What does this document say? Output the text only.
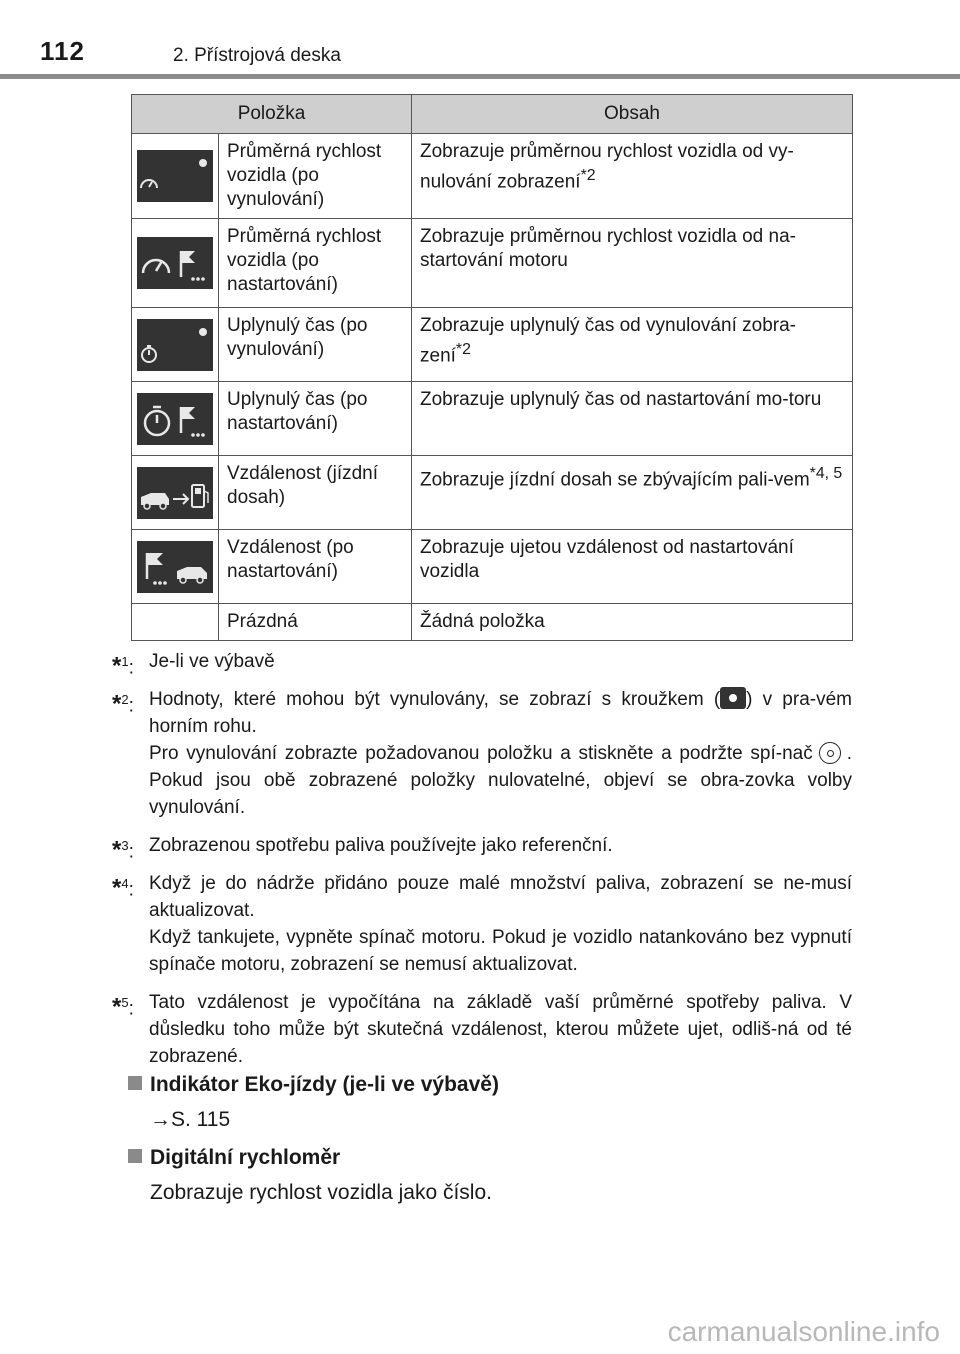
112	2. Přístrojová deska
Položka		Obsah

	Průměrná rychlost vozidla (po vynulování)	Zobrazuje průměrnou rychlost vozidla od vy-nulování zobrazení$^{*2}$

	Průměrná rychlost vozidla (po nastartování)	Zobrazuje průměrnou rychlost vozidla od na-startování motoru

	Uplynulý čas (po vynulování)	Zobrazuje uplynulý čas od vynulování zobra-zení$^{*2}$

	Uplynulý čas (po nastartování)	Zobrazuje uplynulý čas od nastartování mo-toru

	Vzdálenost (jízdní dosah)	Zobrazuje jízdní dosah se zbývajícím pali-vem$^{*4, 5}$

	Vzdálenost (po nastartování)	Zobrazuje ujetou vzdálenost od nastartování vozidla
	Prázdná	Žádná položka
*$^1$: Je-li ve výbavě
*$^2$: Hodnoty, které mohou být vynulovány, se zobrazí s kroužkem ( ) v pra-vém horním rohu.
Pro vynulování zobrazte požadovanou položku a stiskněte a podržte spí-nač . Pokud jsou obě zobrazené položky nulovatelné, objeví se obra-zovka volby vynulování.
*$^3$: Zobrazenou spotřebu paliva používejte jako referenční.
*$^4$: Když je do nádrže přidáno pouze malé množství paliva, zobrazení se ne-musí aktualizovat.
Když tankujete, vypněte spínač motoru. Pokud je vozidlo natankováno bez vypnutí spínače motoru, zobrazení se nemusí aktualizovat.
*$^5$: Tato vzdálenost je vypočítána na základě vaší průměrné spotřeby paliva. V důsledku toho může být skutečná vzdálenost, kterou můžete ujet, odliš-ná od té zobrazené.
Indikátor Eko-jízdy (je-li ve výbavě)
→S. 115
Digitální rychloměr
Zobrazuje rychlost vozidla jako číslo.
carmanualsonline.info
